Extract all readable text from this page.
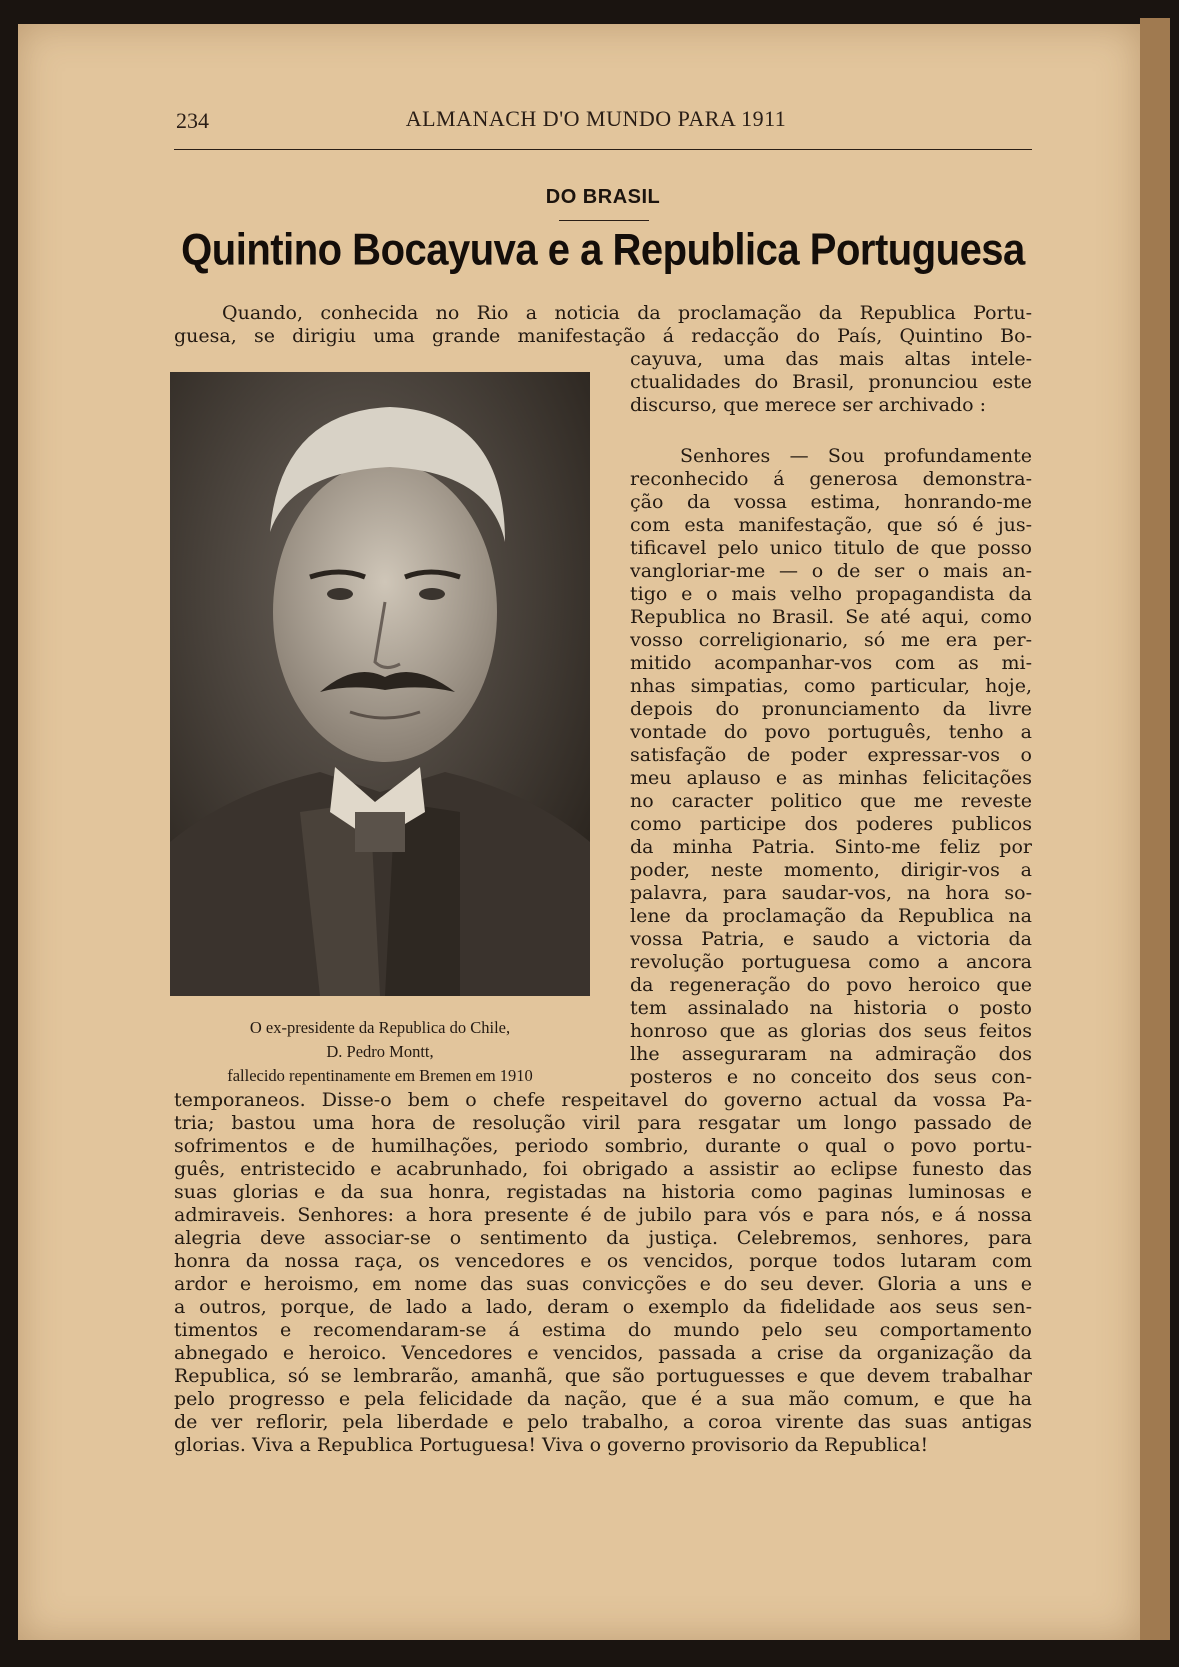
234	ALMANACH D'O MUNDO PARA 1911
DO BRASIL
Quintino Bocayuva e a Republica Portuguesa
Quando, conhecida no Rio a noticia da proclamação da Republica Portu-
guesa, se dirigiu uma grande manifestação á redacção do País, Quintino Bo-
cayuva, uma das mais altas intele-
ctualidades do Brasil, pronunciou este
discurso, que merece ser archivado :
Senhores — Sou profundamente
reconhecido á generosa demonstra-
ção da vossa estima, honrando-me
com esta manifestação, que só é jus-
tificavel pelo unico titulo de que posso
vangloriar-me — o de ser o mais an-
tigo e o mais velho propagandista da
Republica no Brasil. Se até aqui, como
vosso correligionario, só me era per-
mitido acompanhar-vos com as mi-
nhas simpatias, como particular, hoje,
depois do pronunciamento da livre
vontade do povo português, tenho a
satisfação de poder expressar-vos o
meu aplauso e as minhas felicitações
no caracter politico que me reveste
como participe dos poderes publicos
da minha Patria. Sinto-me feliz por
poder, neste momento, dirigir-vos a
palavra, para saudar-vos, na hora so-
lene da proclamação da Republica na
vossa Patria, e saudo a victoria da
revolução portuguesa como a ancora
da regeneração do povo heroico que
tem assinalado na historia o posto
honroso que as glorias dos seus feitos
lhe asseguraram na admiração dos
posteros e no conceito dos seus con-
O ex-presidente da Republica do Chile,
D. Pedro Montt,
fallecido repentinamente em Bremen em 1910
temporaneos. Disse-o bem o chefe respeitavel do governo actual da vossa Pa-
tria; bastou uma hora de resolução viril para resgatar um longo passado de
sofrimentos e de humilhações, periodo sombrio, durante o qual o povo portu-
guês, entristecido e acabrunhado, foi obrigado a assistir ao eclipse funesto das
suas glorias e da sua honra, registadas na historia como paginas luminosas e
admiraveis. Senhores: a hora presente é de jubilo para vós e para nós, e á nossa
alegria deve associar-se o sentimento da justiça. Celebremos, senhores, para
honra da nossa raça, os vencedores e os vencidos, porque todos lutaram com
ardor e heroismo, em nome das suas convicções e do seu dever. Gloria a uns e
a outros, porque, de lado a lado, deram o exemplo da fidelidade aos seus sen-
timentos e recomendaram-se á estima do mundo pelo seu comportamento
abnegado e heroico. Vencedores e vencidos, passada a crise da organização da
Republica, só se lembrarão, amanhã, que são portuguesses e que devem trabalhar
pelo progresso e pela felicidade da nação, que é a sua mão comum, e que ha
de ver reflorir, pela liberdade e pelo trabalho, a coroa virente das suas antigas
glorias. Viva a Republica Portuguesa! Viva o governo provisorio da Republica!
